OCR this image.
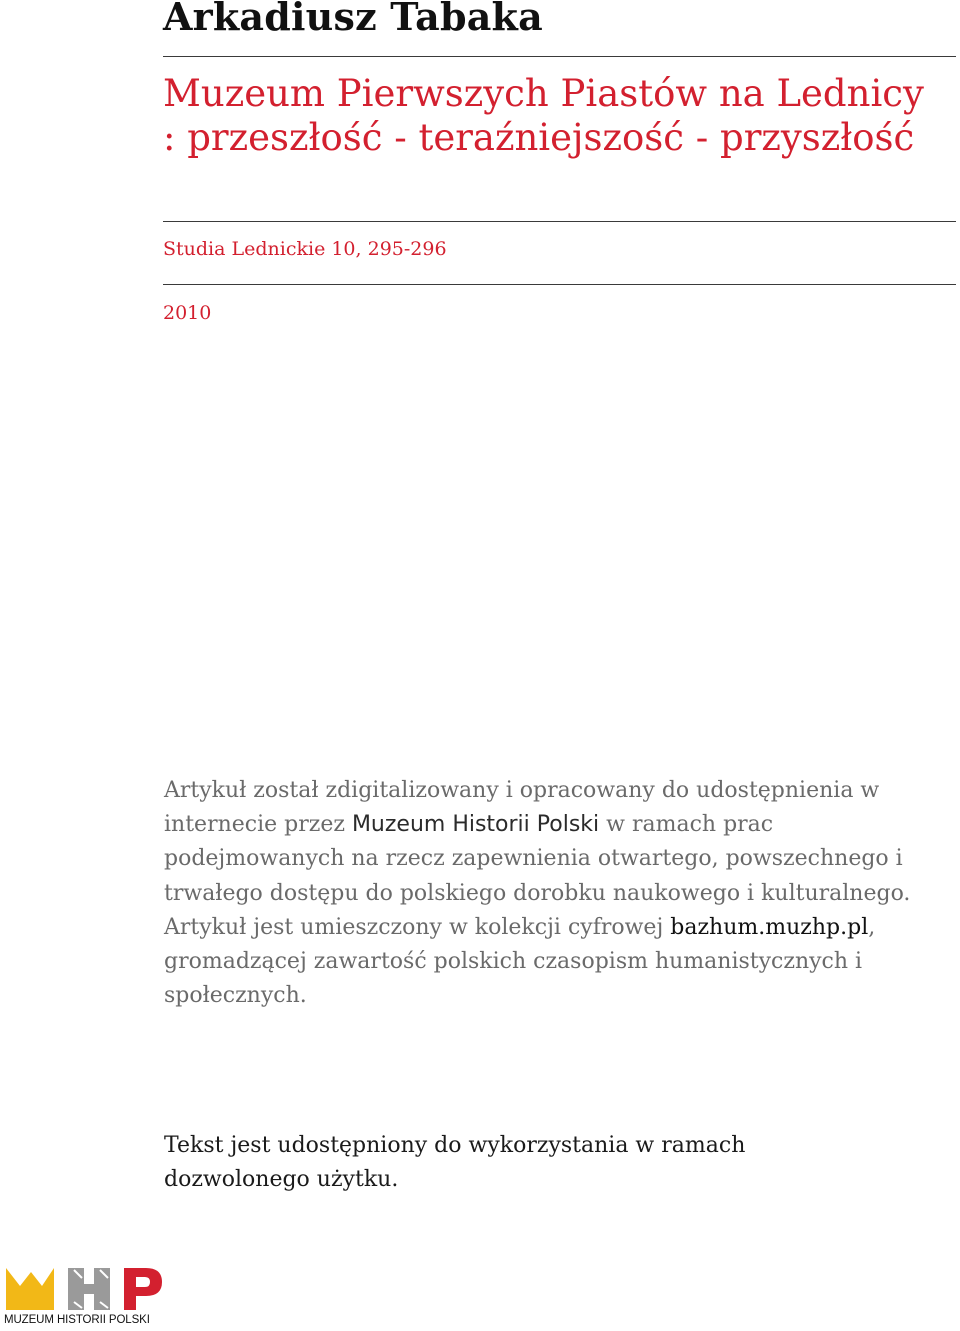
Arkadiusz Tabaka
Muzeum Pierwszych Piastów na Lednicy : przeszłość - teraźniejszość - przyszłość

Studia Lednickie 10, 295-296

2010

Artykuł został zdigitalizowany i opracowany do udostępnienia w internecie przez Muzeum Historii Polski w ramach prac podejmowanych na rzecz zapewnienia otwartego, powszechnego i trwałego dostępu do polskiego dorobku naukowego i kulturalnego. Artykuł jest umieszczony w kolekcji cyfrowej bazhum.muzhp.pl, gromadzącej zawartość polskich czasopism humanistycznych i społecznych.

Tekst jest udostępniony do wykorzystania w ramach dozwolonego użytku.

MUZEUM HISTORII POLSKI
